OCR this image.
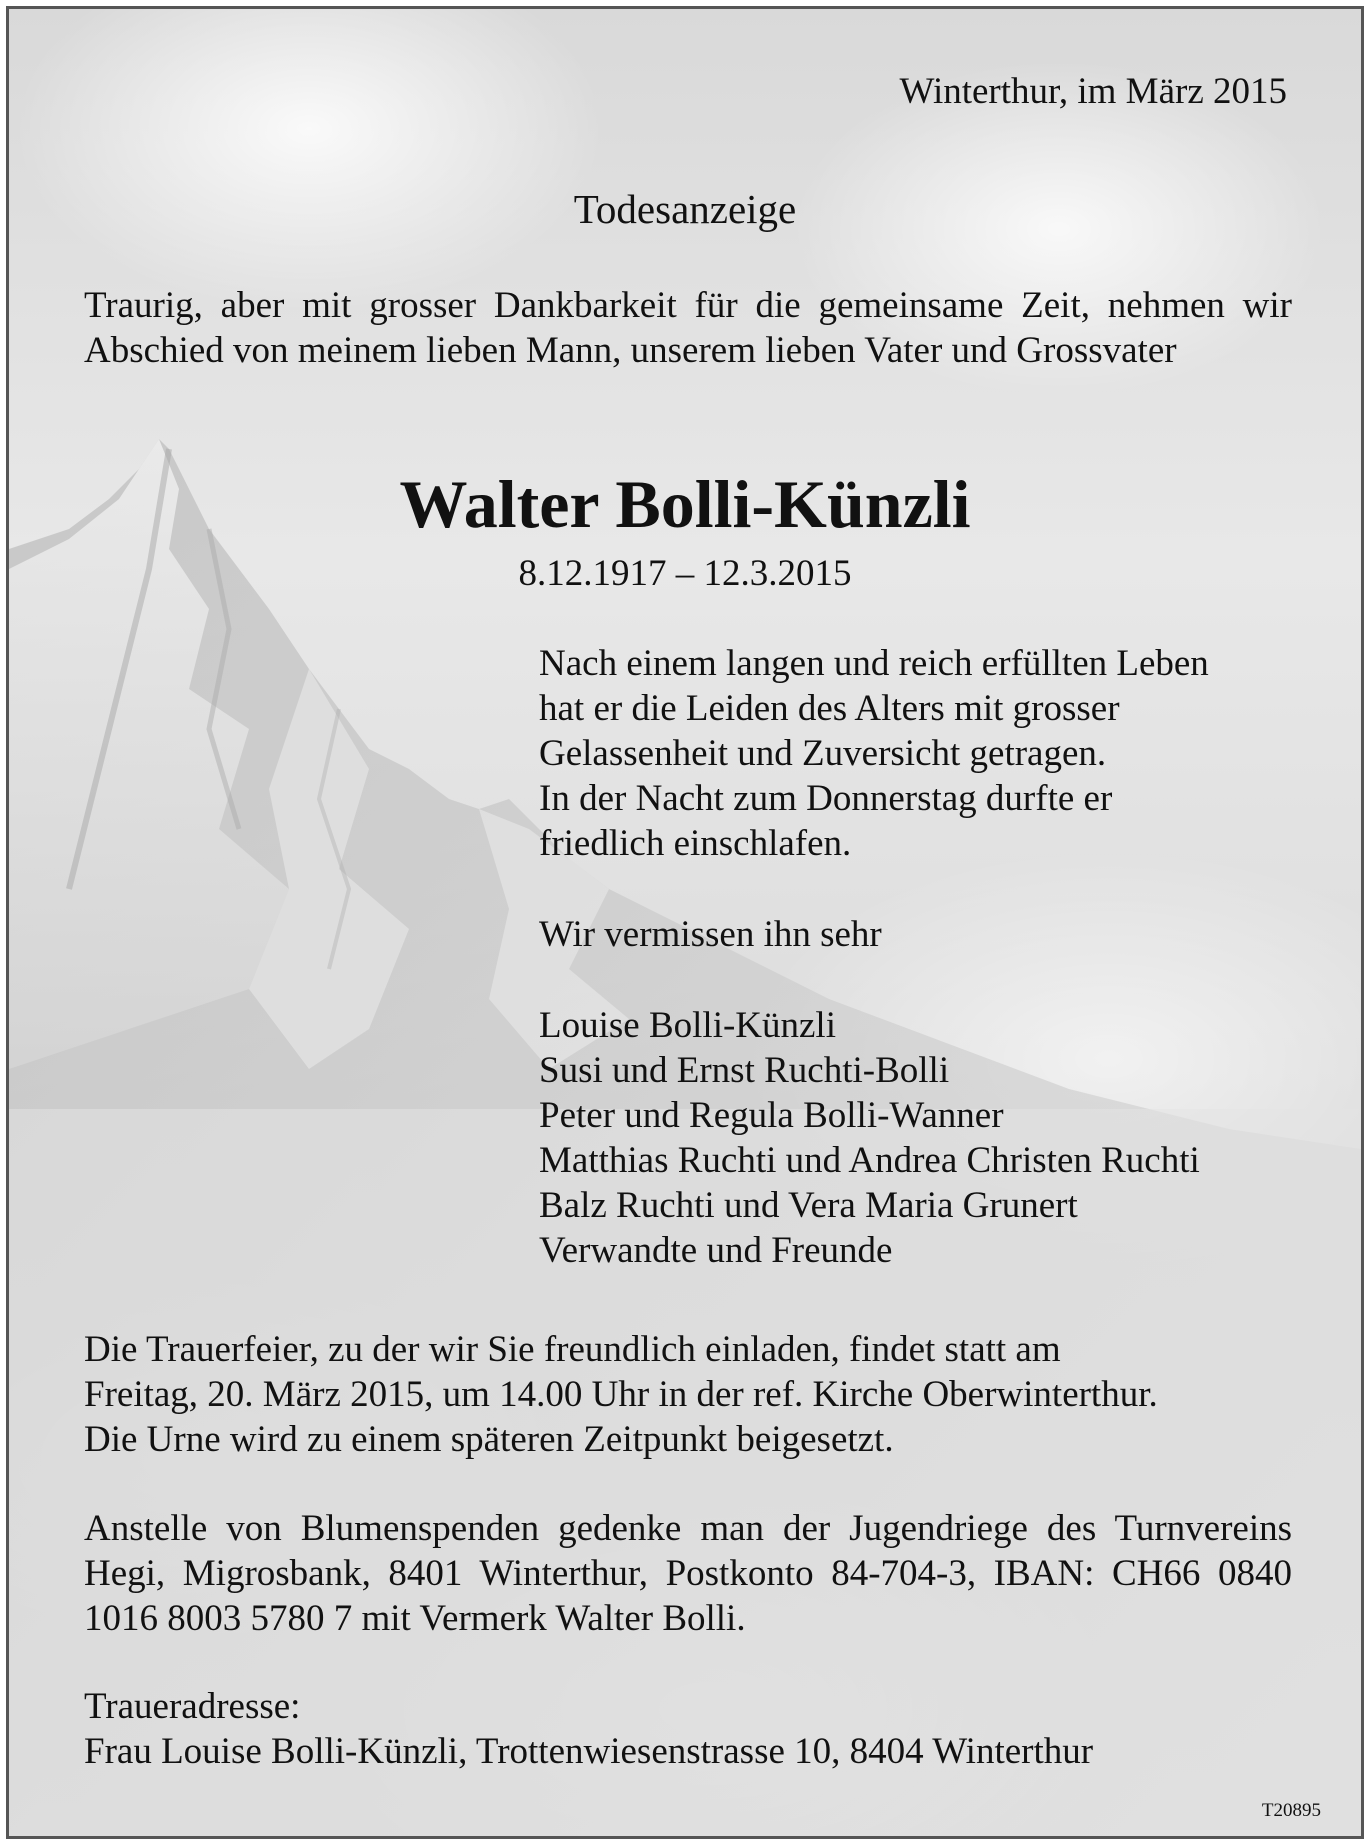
Winterthur, im März 2015
Todesanzeige
Traurig, aber mit grosser Dankbarkeit für die gemeinsame Zeit, nehmen wir Abschied von meinem lieben Mann, unserem lieben Vater und Grossvater
Walter Bolli-Künzli
8.12.1917 – 12.3.2015
Nach einem langen und reich erfüllten Leben
hat er die Leiden des Alters mit grosser
Gelassenheit und Zuversicht getragen.
In der Nacht zum Donnerstag durfte er
friedlich einschlafen.
Wir vermissen ihn sehr
Louise Bolli-Künzli
Susi und Ernst Ruchti-Bolli
Peter und Regula Bolli-Wanner
Matthias Ruchti und Andrea Christen Ruchti
Balz Ruchti und Vera Maria Grunert
Verwandte und Freunde
Die Trauerfeier, zu der wir Sie freundlich einladen, findet statt am
Freitag, 20. März 2015, um 14.00 Uhr in der ref. Kirche Oberwinterthur.
Die Urne wird zu einem späteren Zeitpunkt beigesetzt.
Anstelle von Blumenspenden gedenke man der Jugendriege des Turnvereins Hegi, Migrosbank, 8401 Winterthur, Postkonto 84-704-3, IBAN: CH66 0840 1016 8003 5780 7 mit Vermerk Walter Bolli.
Traueradresse:
Frau Louise Bolli-Künzli, Trottenwiesenstrasse 10, 8404 Winterthur
T20895
